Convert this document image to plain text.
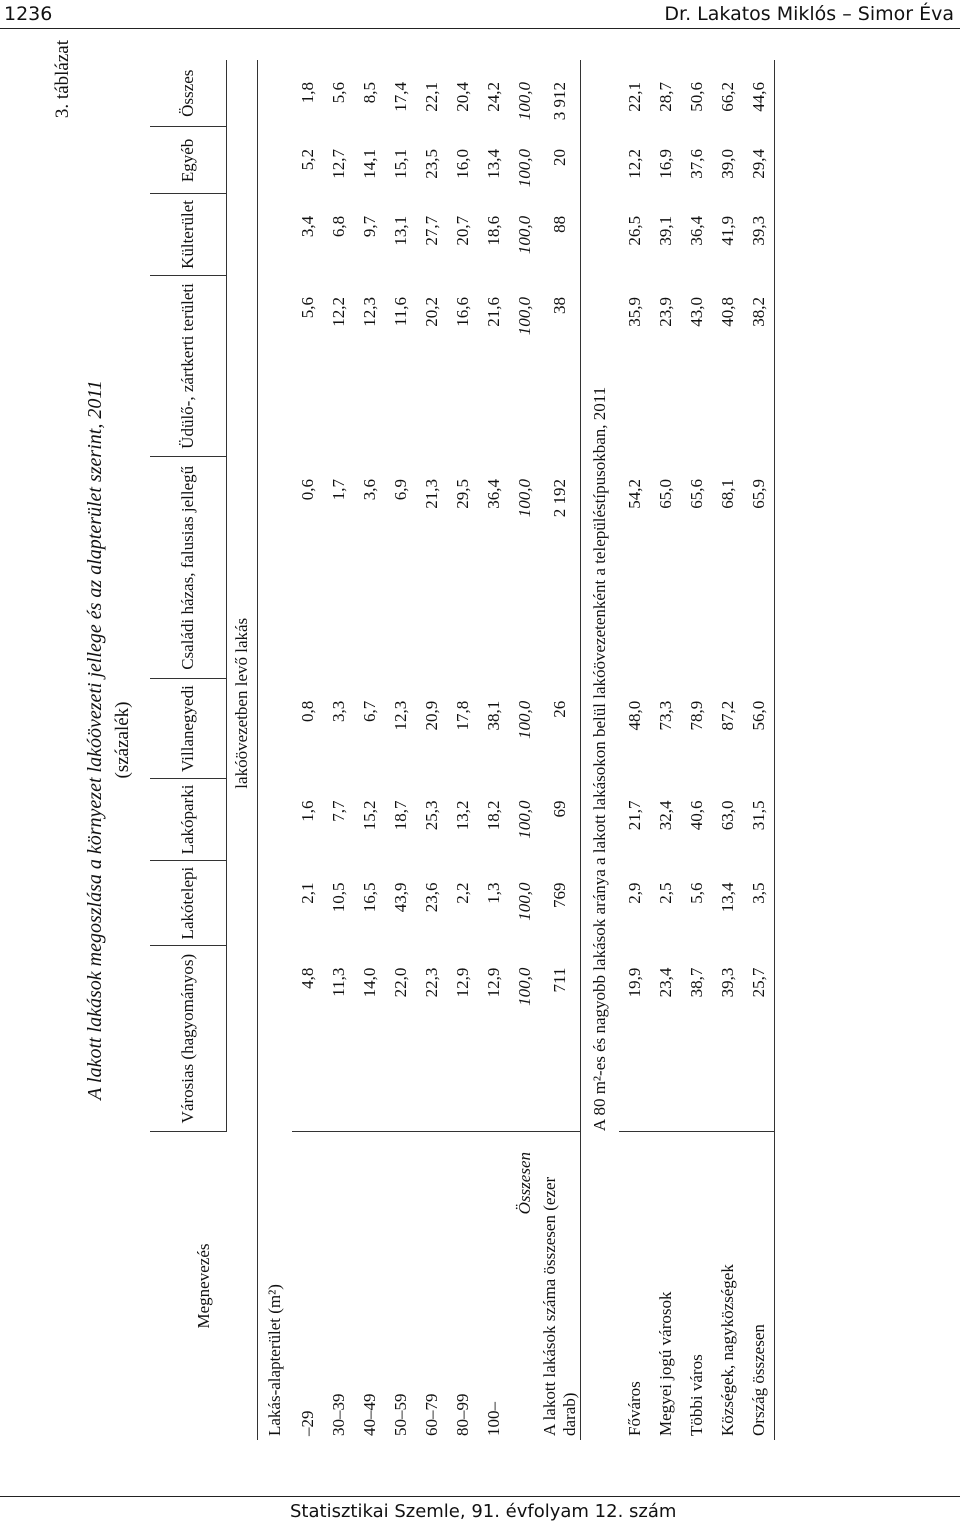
1236	Dr. Lakatos Miklós – Simor Éva
3. táblázat
A lakott lakások megoszlása a környezet lakóövezeti jellege és az alapterület szerint, 2011 (százalék)
Megnevezés	Városias (hagyományos)	Lakótelepi	Lakóparki	Villanegyedi	Családi házas, falusias jellegű	Üdülő-, zártkerti területi	Külterület	Egyéb	Összes
	lakóövezetben levő lakás								
Lakás-alapterület (m²)									
–29	4,8	2,1	1,6	0,8	0,6	5,6	3,4	5,2	1,8
30–39	11,3	10,5	7,7	3,3	1,7	12,2	6,8	12,7	5,6
40–49	14,0	16,5	15,2	6,7	3,6	12,3	9,7	14,1	8,5
50–59	22,0	43,9	18,7	12,3	6,9	11,6	13,1	15,1	17,4
60–79	22,3	23,6	25,3	20,9	21,3	20,2	27,7	23,5	22,1
80–99	12,9	2,2	13,2	17,8	29,5	16,6	20,7	16,0	20,4
100–	12,9	1,3	18,2	38,1	36,4	21,6	18,6	13,4	24,2
Összesen	100,0	100,0	100,0	100,0	100,0	100,0	100,0	100,0	100,0
A lakott lakások száma összesen (ezer darab)	711	769	69	26	2 192	38	88	20	3 912
A 80 m²-es és nagyobb lakások aránya a lakott lakásokon belül lakóövezetenként a településtípusokban, 2011									
Főváros	19,9	2,9	21,7	48,0	54,2	35,9	26,5	12,2	22,1
Megyei jogú városok	23,4	2,5	32,4	73,3	65,0	23,9	39,1	16,9	28,7
Többi város	38,7	5,6	40,6	78,9	65,6	43,0	36,4	37,6	50,6
Községek, nagyközségek	39,3	13,4	63,0	87,2	68,1	40,8	41,9	39,0	66,2
Ország összesen	25,7	3,5	31,5	56,0	65,9	38,2	39,3	29,4	44,6
Statisztikai Szemle, 91. évfolyam 12. szám
